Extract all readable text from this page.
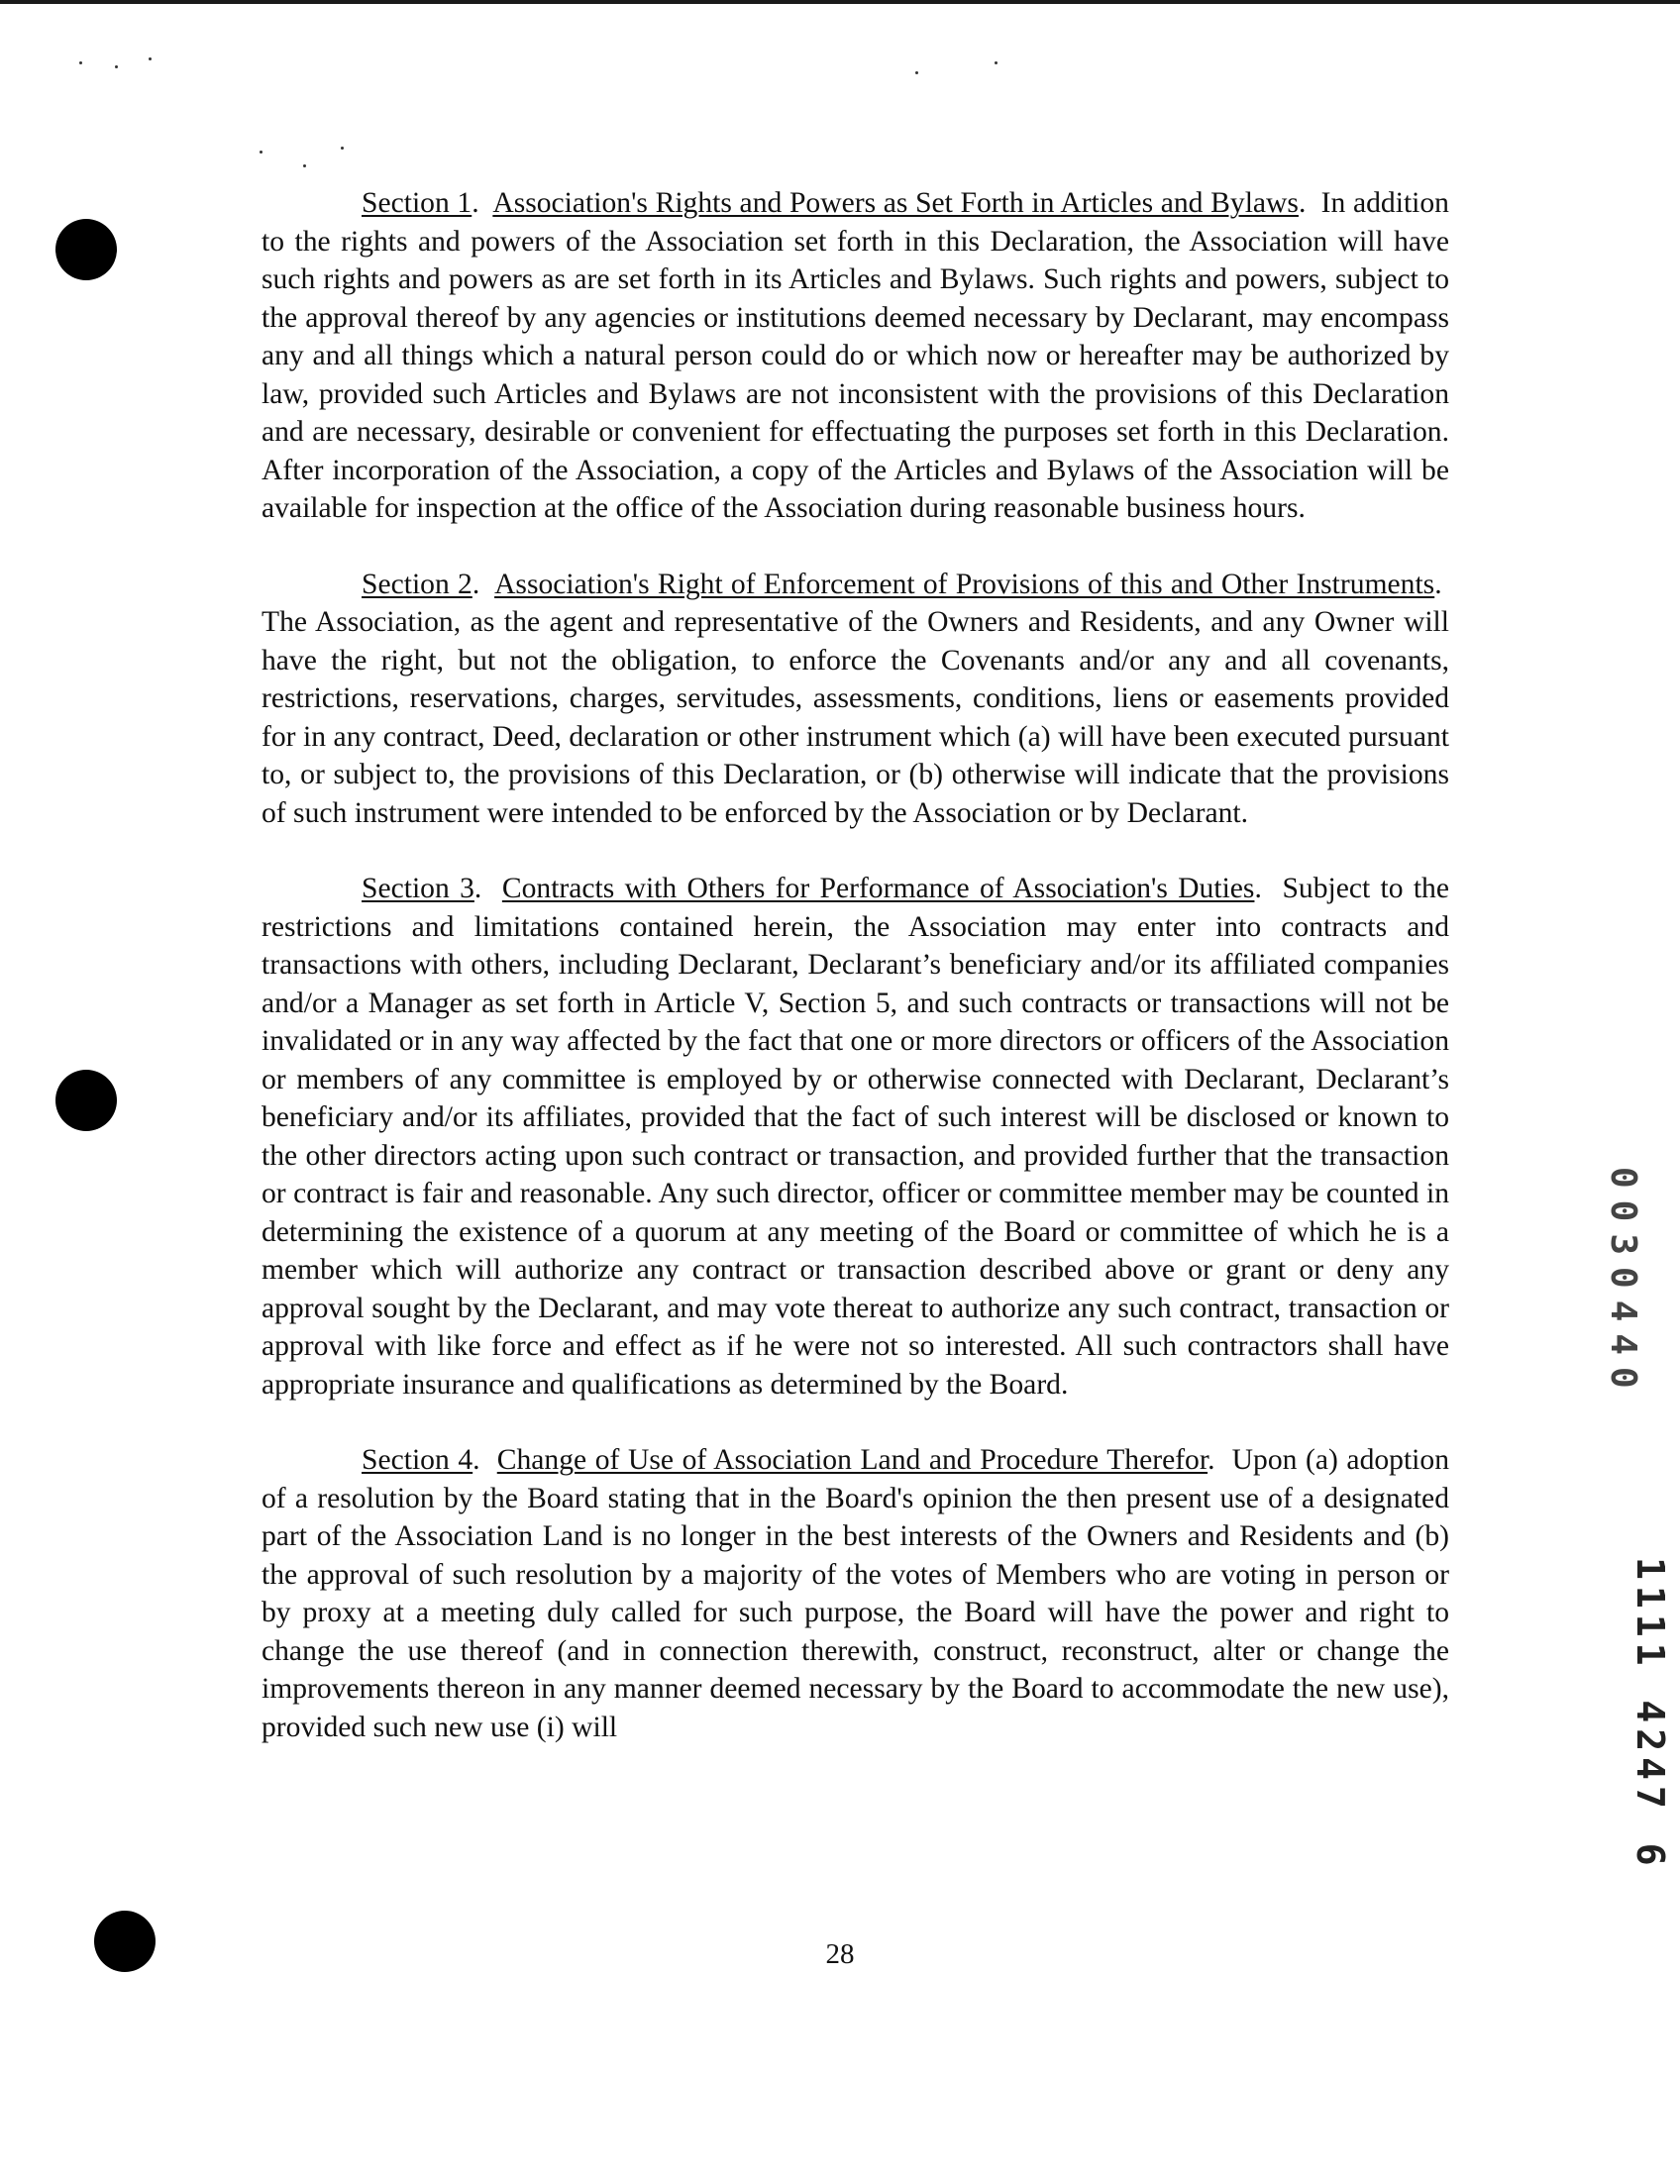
Section 1.  Association's Rights and Powers as Set Forth in Articles and Bylaws.  In addition to the rights and powers of the Association set forth in this Declaration, the Association will have such rights and powers as are set forth in its Articles and Bylaws. Such rights and powers, subject to the approval thereof by any agencies or institutions deemed necessary by Declarant, may encompass any and all things which a natural person could do or which now or hereafter may be authorized by law, provided such Articles and Bylaws are not inconsistent with the provisions of this Declaration and are necessary, desirable or convenient for effectuating the purposes set forth in this Declaration. After incorporation of the Association, a copy of the Articles and Bylaws of the Association will be available for inspection at the office of the Association during reasonable business hours.

Section 2.  Association's Right of Enforcement of Provisions of this and Other Instruments.  The Association, as the agent and representative of the Owners and Residents, and any Owner will have the right, but not the obligation, to enforce the Covenants and/or any and all covenants, restrictions, reservations, charges, servitudes, assessments, conditions, liens or easements provided for in any contract, Deed, declaration or other instrument which (a) will have been executed pursuant to, or subject to, the provisions of this Declaration, or (b) otherwise will indicate that the provisions of such instrument were intended to be enforced by the Association or by Declarant.

Section 3.  Contracts with Others for Performance of Association's Duties.  Subject to the restrictions and limitations contained herein, the Association may enter into contracts and transactions with others, including Declarant, Declarant’s beneficiary and/or its affiliated companies and/or a Manager as set forth in Article V, Section 5, and such contracts or transactions will not be invalidated or in any way affected by the fact that one or more directors or officers of the Association or members of any committee is employed by or otherwise connected with Declarant, Declarant’s beneficiary and/or its affiliates, provided that the fact of such interest will be disclosed or known to the other directors acting upon such contract or transaction, and provided further that the transaction or contract is fair and reasonable. Any such director, officer or committee member may be counted in determining the existence of a quorum at any meeting of the Board or committee of which he is a member which will authorize any contract or transaction described above or grant or deny any approval sought by the Declarant, and may vote thereat to authorize any such contract, transaction or approval with like force and effect as if he were not so interested. All such contractors shall have appropriate insurance and qualifications as determined by the Board.

Section 4.  Change of Use of Association Land and Procedure Therefor.  Upon (a) adoption of a resolution by the Board stating that in the Board's opinion the then present use of a designated part of the Association Land is no longer in the best interests of the Owners and Residents and (b) the approval of such resolution by a majority of the votes of Members who are voting in person or by proxy at a meeting duly called for such purpose, the Board will have the power and right to change the use thereof (and in connection therewith, construct, reconstruct, alter or change the improvements thereon in any manner deemed necessary by the Board to accommodate the new use), provided such new use (i) will

28
0030440
1111 4247 6
